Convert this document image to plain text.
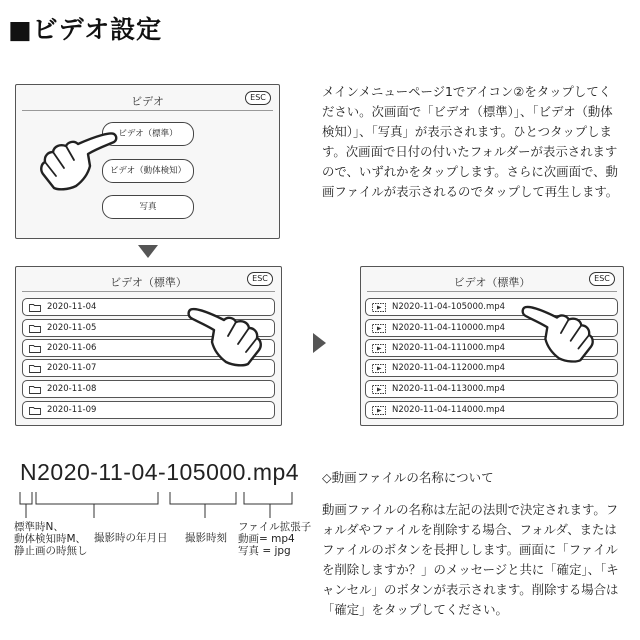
■ビデオ設定
メインメニューページ1でアイコン②をタップしてください。次画面で「ビデオ（標準）」、「ビデオ（動体検知）」、「写真」が表示されます。ひとつタップします。次画面で日付の付いたフォルダーが表示されますので、いずれかをタップします。さらに次画面で、動画ファイルが表示されるのでタップして再生します。
ビデオ	ESC
ビデオ（標準）
ビデオ（動体検知）
写真
ビデオ（標準）	ESC
2020-11-04
2020-11-05
2020-11-06
2020-11-07
2020-11-08
2020-11-09
ビデオ（標準）	ESC
N2020-11-04-105000.mp4
N2020-11-04-110000.mp4
N2020-11-04-111000.mp4
N2020-11-04-112000.mp4
N2020-11-04-113000.mp4
N2020-11-04-114000.mp4
N2020-11-04-105000.mp4
標準時N、
動体検知時M、
静止画の時無し
撮影時の年月日 撮影時刻
ファイル拡張子
動画= mp4
写真 = jpg
◇動画ファイルの名称について
動画ファイルの名称は左記の法則で決定されます。フォルダやファイルを削除する場合、フォルダ、またはファイルのボタンを長押しします。画面に「ファイルを削除しますか？」のメッセージと共に「確定」、「キャンセル」のボタンが表示されます。削除する場合は「確定」をタップしてください。
